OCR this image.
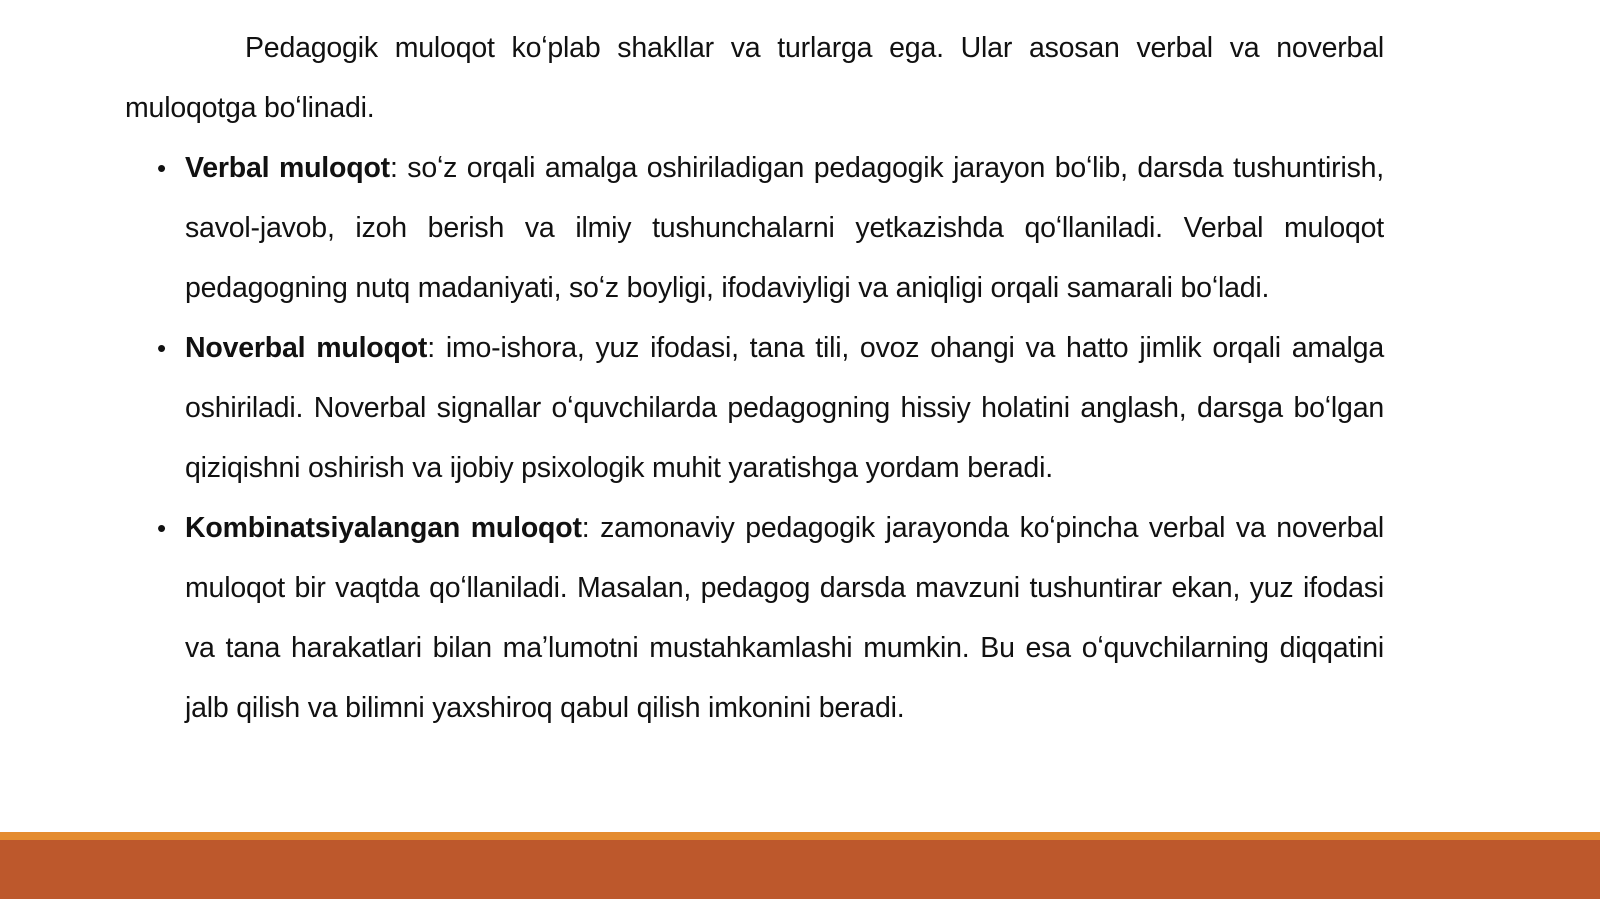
Pedagogik muloqot koʻplab shakllar va turlarga ega. Ular asosan verbal va noverbal muloqotga boʻlinadi.

• Verbal muloqot: soʻz orqali amalga oshiriladigan pedagogik jarayon boʻlib, darsda tushuntirish, savol-javob, izoh berish va ilmiy tushunchalarni yetkazishda qoʻllaniladi. Verbal muloqot pedagogning nutq madaniyati, soʻz boyligi, ifodaviyligi va aniqligi orqali samarali boʻladi.
• Noverbal muloqot: imo-ishora, yuz ifodasi, tana tili, ovoz ohangi va hatto jimlik orqali amalga oshiriladi. Noverbal signallar oʻquvchilarda pedagogning hissiy holatini anglash, darsga boʻlgan qiziqishni oshirish va ijobiy psixologik muhit yaratishga yordam beradi.
• Kombinatsiyalangan muloqot: zamonaviy pedagogik jarayonda koʻpincha verbal va noverbal muloqot bir vaqtda qoʻllaniladi. Masalan, pedagog darsda mavzuni tushuntirar ekan, yuz ifodasi va tana harakatlari bilan maʼlumotni mustahkamlashi mumkin. Bu esa oʻquvchilarning diqqatini jalb qilish va bilimni yaxshiroq qabul qilish imkonini beradi.
